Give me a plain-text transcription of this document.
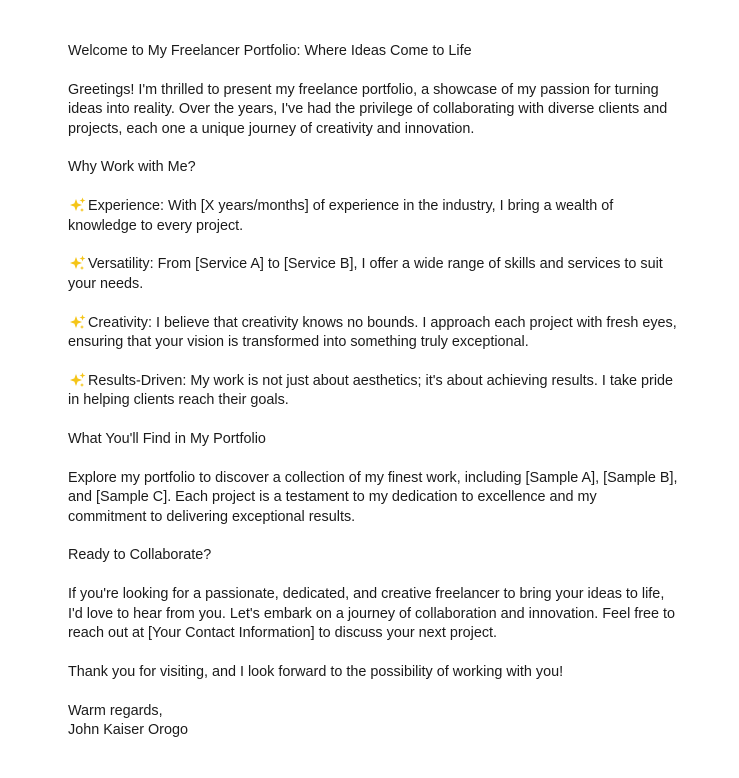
Welcome to My Freelancer Portfolio: Where Ideas Come to Life

Greetings! I'm thrilled to present my freelance portfolio, a showcase of my passion for turning ideas into reality. Over the years, I've had the privilege of collaborating with diverse clients and projects, each one a unique journey of creativity and innovation.

Why Work with Me?

Experience: With [X years/months] of experience in the industry, I bring a wealth of knowledge to every project.

Versatility: From [Service A] to [Service B], I offer a wide range of skills and services to suit your needs.

Creativity: I believe that creativity knows no bounds. I approach each project with fresh eyes, ensuring that your vision is transformed into something truly exceptional.

Results-Driven: My work is not just about aesthetics; it's about achieving results. I take pride in helping clients reach their goals.

What You'll Find in My Portfolio

Explore my portfolio to discover a collection of my finest work, including [Sample A], [Sample B], and [Sample C]. Each project is a testament to my dedication to excellence and my commitment to delivering exceptional results.

Ready to Collaborate?

If you're looking for a passionate, dedicated, and creative freelancer to bring your ideas to life, I'd love to hear from you. Let's embark on a journey of collaboration and innovation. Feel free to reach out at [Your Contact Information] to discuss your next project.

Thank you for visiting, and I look forward to the possibility of working with you!

Warm regards,

John Kaiser Orogo
